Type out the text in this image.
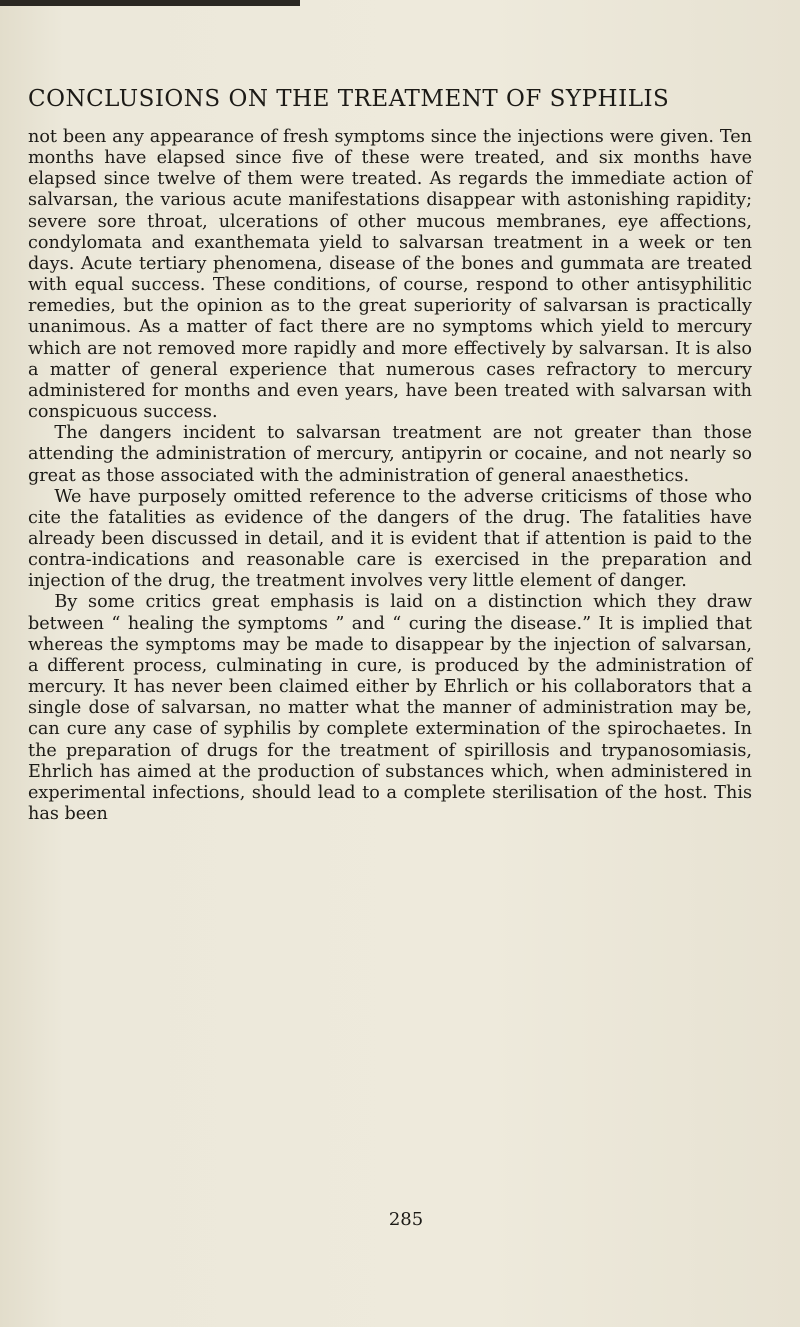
CONCLUSIONS ON THE TREATMENT OF SYPHILIS

not been any appearance of fresh symptoms since the injections were given. Ten months have elapsed since five of these were treated, and six months have elapsed since twelve of them were treated. As regards the immediate action of salvarsan, the various acute manifestations disappear with astonishing rapidity; severe sore throat, ulcerations of other mucous membranes, eye affections, condylomata and exanthemata yield to salvarsan treatment in a week or ten days. Acute tertiary phenomena, disease of the bones and gummata are treated with equal success. These conditions, of course, respond to other antisyphilitic remedies, but the opinion as to the great superiority of salvarsan is practically unanimous. As a matter of fact there are no symptoms which yield to mercury which are not removed more rapidly and more effectively by salvarsan. It is also a matter of general experience that numerous cases refractory to mercury administered for months and even years, have been treated with salvarsan with conspicuous success.

The dangers incident to salvarsan treatment are not greater than those attending the administration of mercury, antipyrin or cocaine, and not nearly so great as those associated with the administration of general anaesthetics.

We have purposely omitted reference to the adverse criticisms of those who cite the fatalities as evidence of the dangers of the drug. The fatalities have already been discussed in detail, and it is evident that if attention is paid to the contra-indications and reasonable care is exercised in the preparation and injection of the drug, the treatment involves very little element of danger.

By some critics great emphasis is laid on a distinction which they draw between “ healing the symptoms ” and “ curing the disease.” It is implied that whereas the symptoms may be made to disappear by the injection of salvarsan, a different process, culminating in cure, is produced by the administration of mercury. It has never been claimed either by Ehrlich or his collaborators that a single dose of salvarsan, no matter what the manner of administration may be, can cure any case of syphilis by complete extermination of the spirochaetes. In the preparation of drugs for the treatment of spirillosis and trypanosomiasis, Ehrlich has aimed at the production of substances which, when administered in experimental infections, should lead to a complete sterilisation of the host. This has been

285
